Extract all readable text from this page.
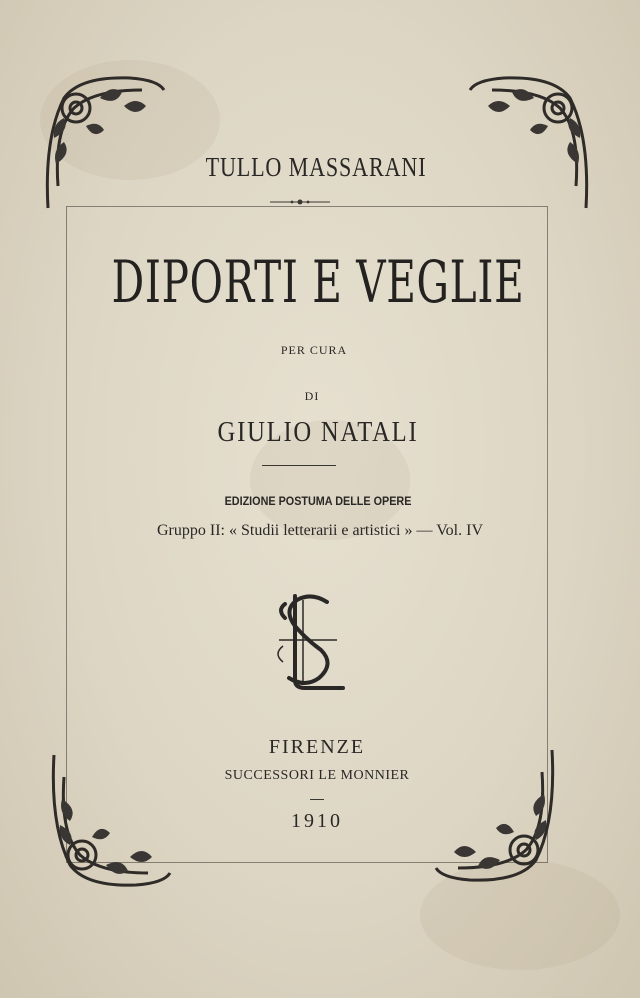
TULLO MASSARANI
DIPORTI E VEGLIE
PER CURA
DI
GIULIO NATALI
EDIZIONE POSTUMA DELLE OPERE
Gruppo II: « Studii letterarii e artistici » — Vol. IV
FIRENZE
SUCCESSORI LE MONNIER
1910
